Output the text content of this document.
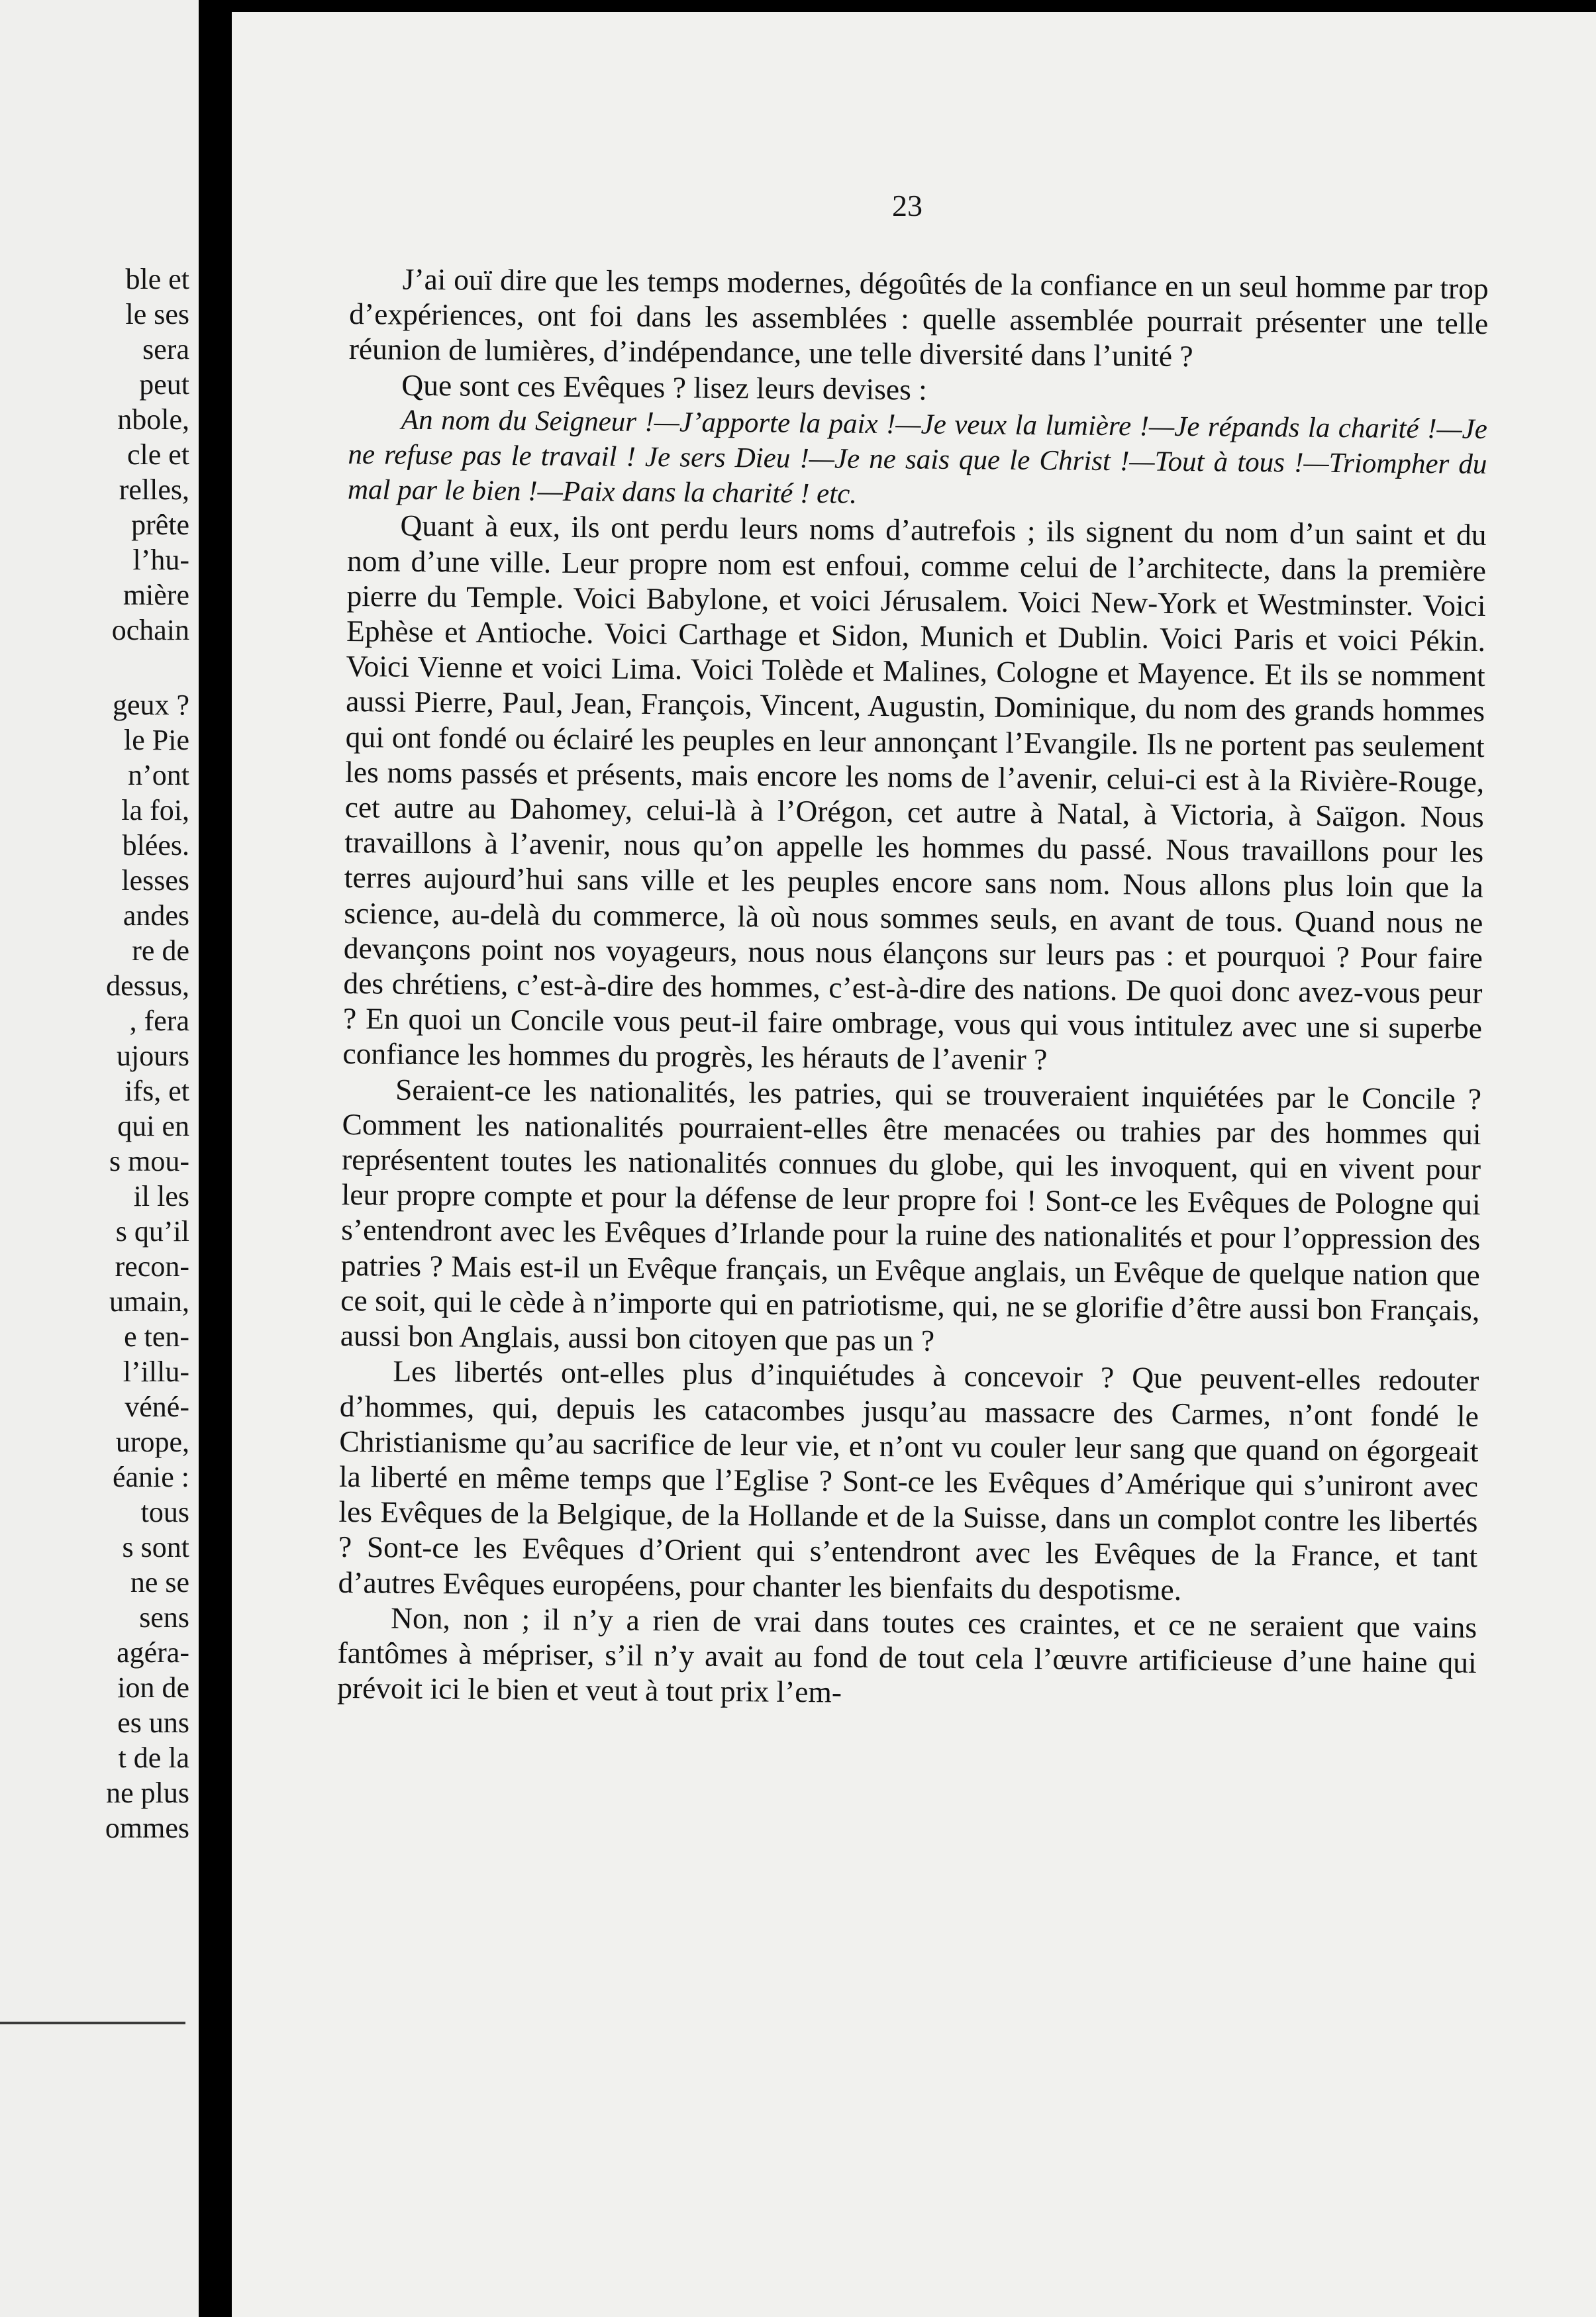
ble et
le ses
sera
peut
nbole,
cle et
relles,
prête
l’hu-
mière
ochain
geux ?
le Pie
n’ont
la foi,
blées.
lesses
andes
re de
dessus,
, fera
ujours
ifs, et
qui en
s mou-
il les
s qu’il
recon-
umain,
e ten-
l’illu-
véné-
urope,
éanie :
tous
s sont
ne se
sens
agéra-
ion de
es uns
t de la
ne plus
ommes
23

J’ai ouï dire que les temps modernes, dégoûtés de la confiance en un seul homme par trop d’expériences, ont foi dans les assemblées : quelle assemblée pourrait présenter une telle réunion de lumières, d’indépendance, une telle diversité dans l’unité ?

Que sont ces Evêques ? lisez leurs devises :

An nom du Seigneur !—J’apporte la paix !—Je veux la lumière !—Je répands la charité !—Je ne refuse pas le travail ! Je sers Dieu !—Je ne sais que le Christ !—Tout à tous !—Triompher du mal par le bien !—Paix dans la charité ! etc.

Quant à eux, ils ont perdu leurs noms d’autrefois ; ils signent du nom d’un saint et du nom d’une ville. Leur propre nom est enfoui, comme celui de l’architecte, dans la première pierre du Temple. Voici Babylone, et voici Jérusalem. Voici New-York et Westminster. Voici Ephèse et Antioche. Voici Carthage et Sidon, Munich et Dublin. Voici Paris et voici Pékin. Voici Vienne et voici Lima. Voici Tolède et Malines, Cologne et Mayence. Et ils se nomment aussi Pierre, Paul, Jean, François, Vincent, Augustin, Dominique, du nom des grands hommes qui ont fondé ou éclairé les peuples en leur annonçant l’Evangile. Ils ne portent pas seulement les noms passés et présents, mais encore les noms de l’avenir, celui-ci est à la Rivière-Rouge, cet autre au Dahomey, celui-là à l’Orégon, cet autre à Natal, à Victoria, à Saïgon. Nous travaillons à l’avenir, nous qu’on appelle les hommes du passé. Nous travaillons pour les terres aujourd’hui sans ville et les peuples encore sans nom. Nous allons plus loin que la science, au-delà du commerce, là où nous sommes seuls, en avant de tous. Quand nous ne devançons point nos voyageurs, nous nous élançons sur leurs pas : et pourquoi ? Pour faire des chrétiens, c’est-à-dire des hommes, c’est-à-dire des nations. De quoi donc avez-vous peur ? En quoi un Concile vous peut-il faire ombrage, vous qui vous intitulez avec une si superbe confiance les hommes du progrès, les hérauts de l’avenir ?

Seraient-ce les nationalités, les patries, qui se trouveraient inquiétées par le Concile ? Comment les nationalités pourraient-elles être menacées ou trahies par des hommes qui représentent toutes les nationalités connues du globe, qui les invoquent, qui en vivent pour leur propre compte et pour la défense de leur propre foi ! Sont-ce les Evêques de Pologne qui s’entendront avec les Evêques d’Irlande pour la ruine des nationalités et pour l’oppression des patries ? Mais est-il un Evêque français, un Evêque anglais, un Evêque de quelque nation que ce soit, qui le cède à n’importe qui en patriotisme, qui, ne se glorifie d’être aussi bon Français, aussi bon Anglais, aussi bon citoyen que pas un ?

Les libertés ont-elles plus d’inquiétudes à concevoir ? Que peuvent-elles redouter d’hommes, qui, depuis les catacombes jusqu’au massacre des Carmes, n’ont fondé le Christianisme qu’au sacrifice de leur vie, et n’ont vu couler leur sang que quand on égorgeait la liberté en même temps que l’Eglise ? Sont-ce les Evêques d’Amérique qui s’uniront avec les Evêques de la Belgique, de la Hollande et de la Suisse, dans un complot contre les libertés ? Sont-ce les Evêques d’Orient qui s’entendront avec les Evêques de la France, et tant d’autres Evêques européens, pour chanter les bienfaits du despotisme.

Non, non ; il n’y a rien de vrai dans toutes ces craintes, et ce ne seraient que vains fantômes à mépriser, s’il n’y avait au fond de tout cela l’œuvre artificieuse d’une haine qui prévoit ici le bien et veut à tout prix l’em-
